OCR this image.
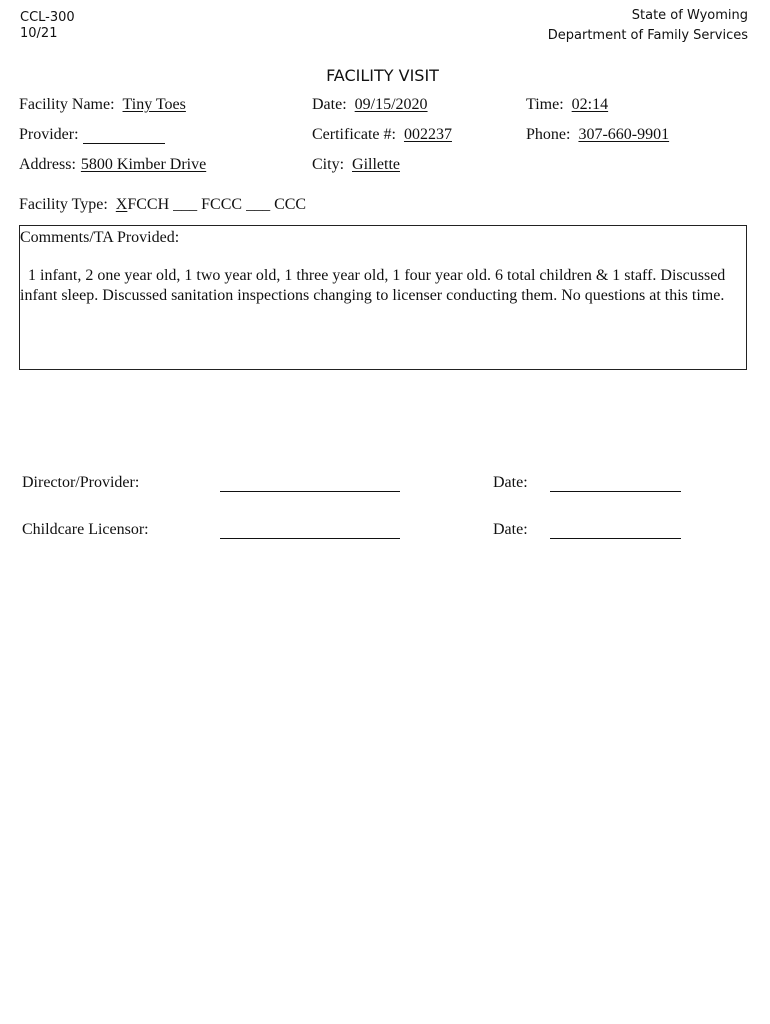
CCL-300
10/21
State of Wyoming
Department of Family Services
FACILITY VISIT
Facility Name: Tiny Toes	Date: 09/15/2020	Time: 02:14
Provider:	Certificate #: 002237	Phone: 307-660-9901
Address: 5800 Kimber Drive	City: Gillette
Facility Type: XFCCH ___ FCCC ___ CCC
Comments/TA Provided:
1 infant, 2 one year old, 1 two year old, 1 three year old, 1 four year old. 6 total children & 1 staff. Discussed infant sleep. Discussed sanitation inspections changing to licenser conducting them. No questions at this time.
Director/Provider:	Date:
Childcare Licensor:	Date:
